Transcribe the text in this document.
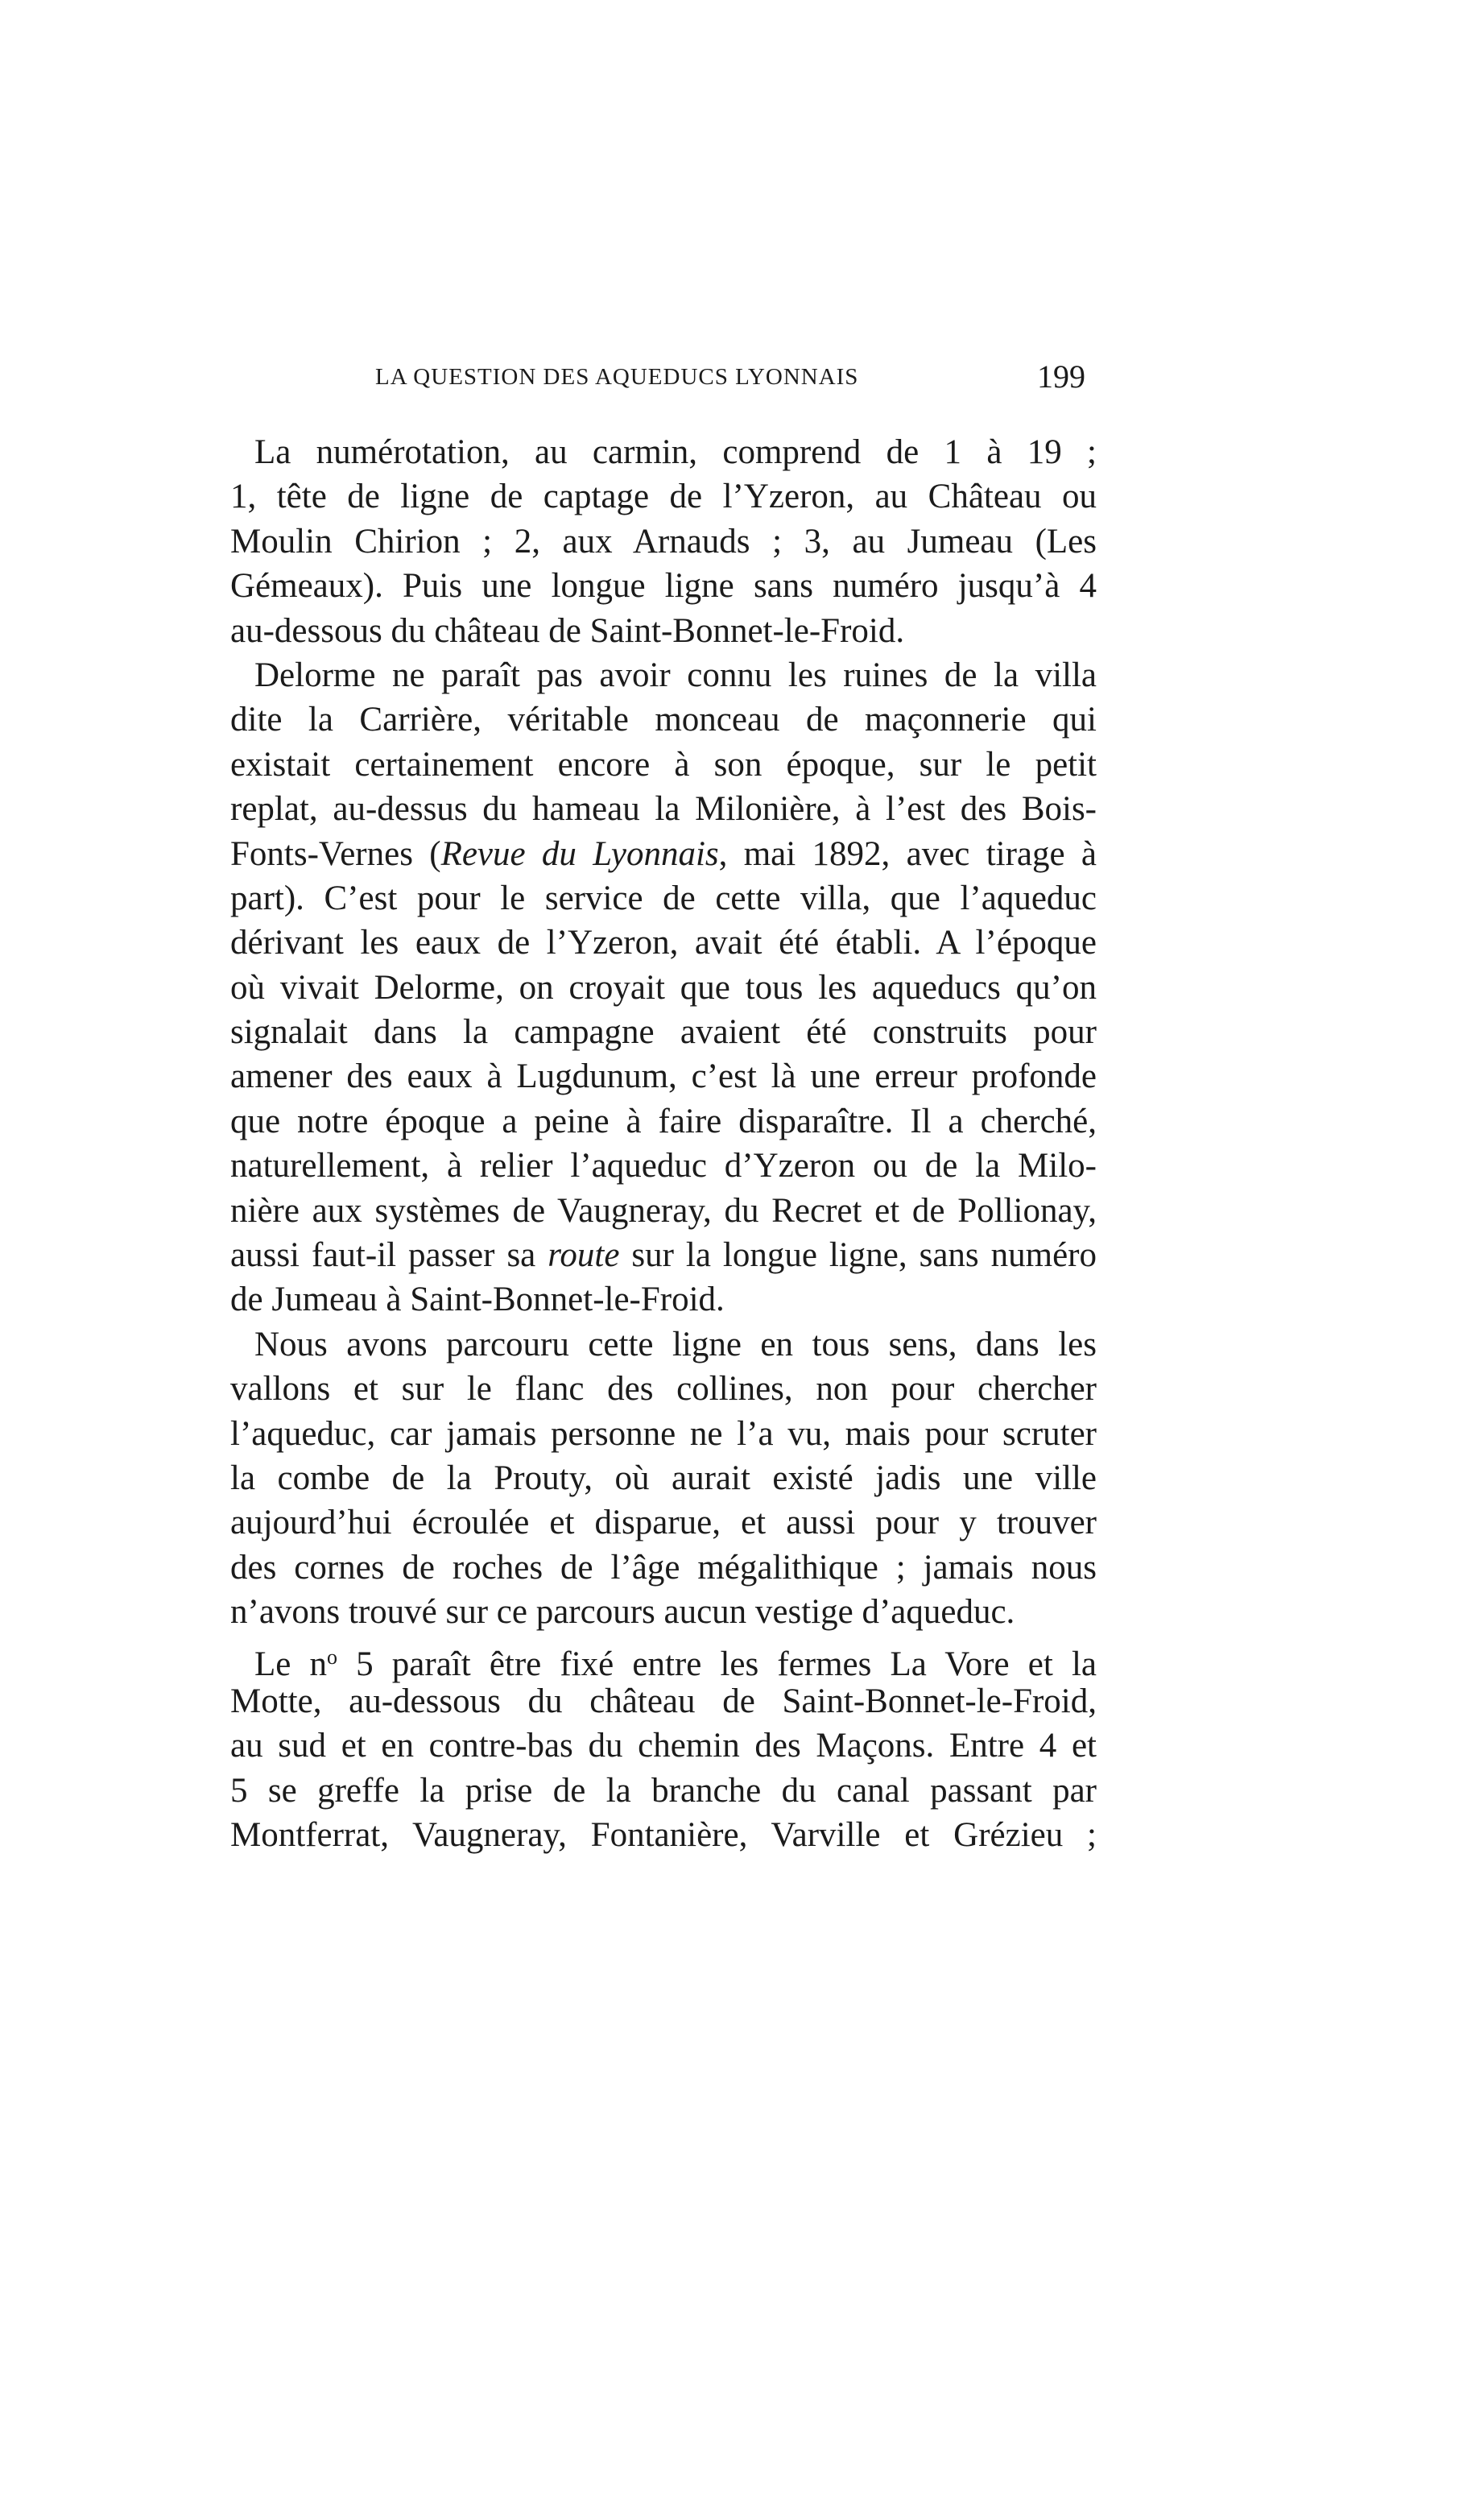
LA QUESTION DES AQUEDUCS LYONNAIS	199
La numérotation, au carmin, comprend de 1 à 19 ;
1, tête de ligne de captage de l’Yzeron, au Château ou
Moulin Chirion ; 2, aux Arnauds ; 3, au Jumeau (Les
Gémeaux). Puis une longue ligne sans numéro jusqu’à 4
au-dessous du château de Saint-Bonnet-le-Froid.
Delorme ne paraît pas avoir connu les ruines de la villa
dite la Carrière, véritable monceau de maçonnerie qui
existait certainement encore à son époque, sur le petit
replat, au-dessus du hameau la Milonière, à l’est des Bois-
Fonts-Vernes (Revue du Lyonnais, mai 1892, avec tirage à
part). C’est pour le service de cette villa, que l’aqueduc
dérivant les eaux de l’Yzeron, avait été établi. A l’époque
où vivait Delorme, on croyait que tous les aqueducs qu’on
signalait dans la campagne avaient été construits pour
amener des eaux à Lugdunum, c’est là une erreur profonde
que notre époque a peine à faire disparaître. Il a cherché,
naturellement, à relier l’aqueduc d’Yzeron ou de la Milo-
nière aux systèmes de Vaugneray, du Recret et de Pollionay,
aussi faut-il passer sa route sur la longue ligne, sans numéro
de Jumeau à Saint-Bonnet-le-Froid.
Nous avons parcouru cette ligne en tous sens, dans les
vallons et sur le flanc des collines, non pour chercher
l’aqueduc, car jamais personne ne l’a vu, mais pour scruter
la combe de la Prouty, où aurait existé jadis une ville
aujourd’hui écroulée et disparue, et aussi pour y trouver
des cornes de roches de l’âge mégalithique ; jamais nous
n’avons trouvé sur ce parcours aucun vestige d’aqueduc.
Le $n^o$ 5 paraît être fixé entre les fermes La Vore et la
Motte, au-dessous du château de Saint-Bonnet-le-Froid,
au sud et en contre-bas du chemin des Maçons. Entre 4 et
5 se greffe la prise de la branche du canal passant par
Montferrat, Vaugneray, Fontanière, Varville et Grézieu ;
